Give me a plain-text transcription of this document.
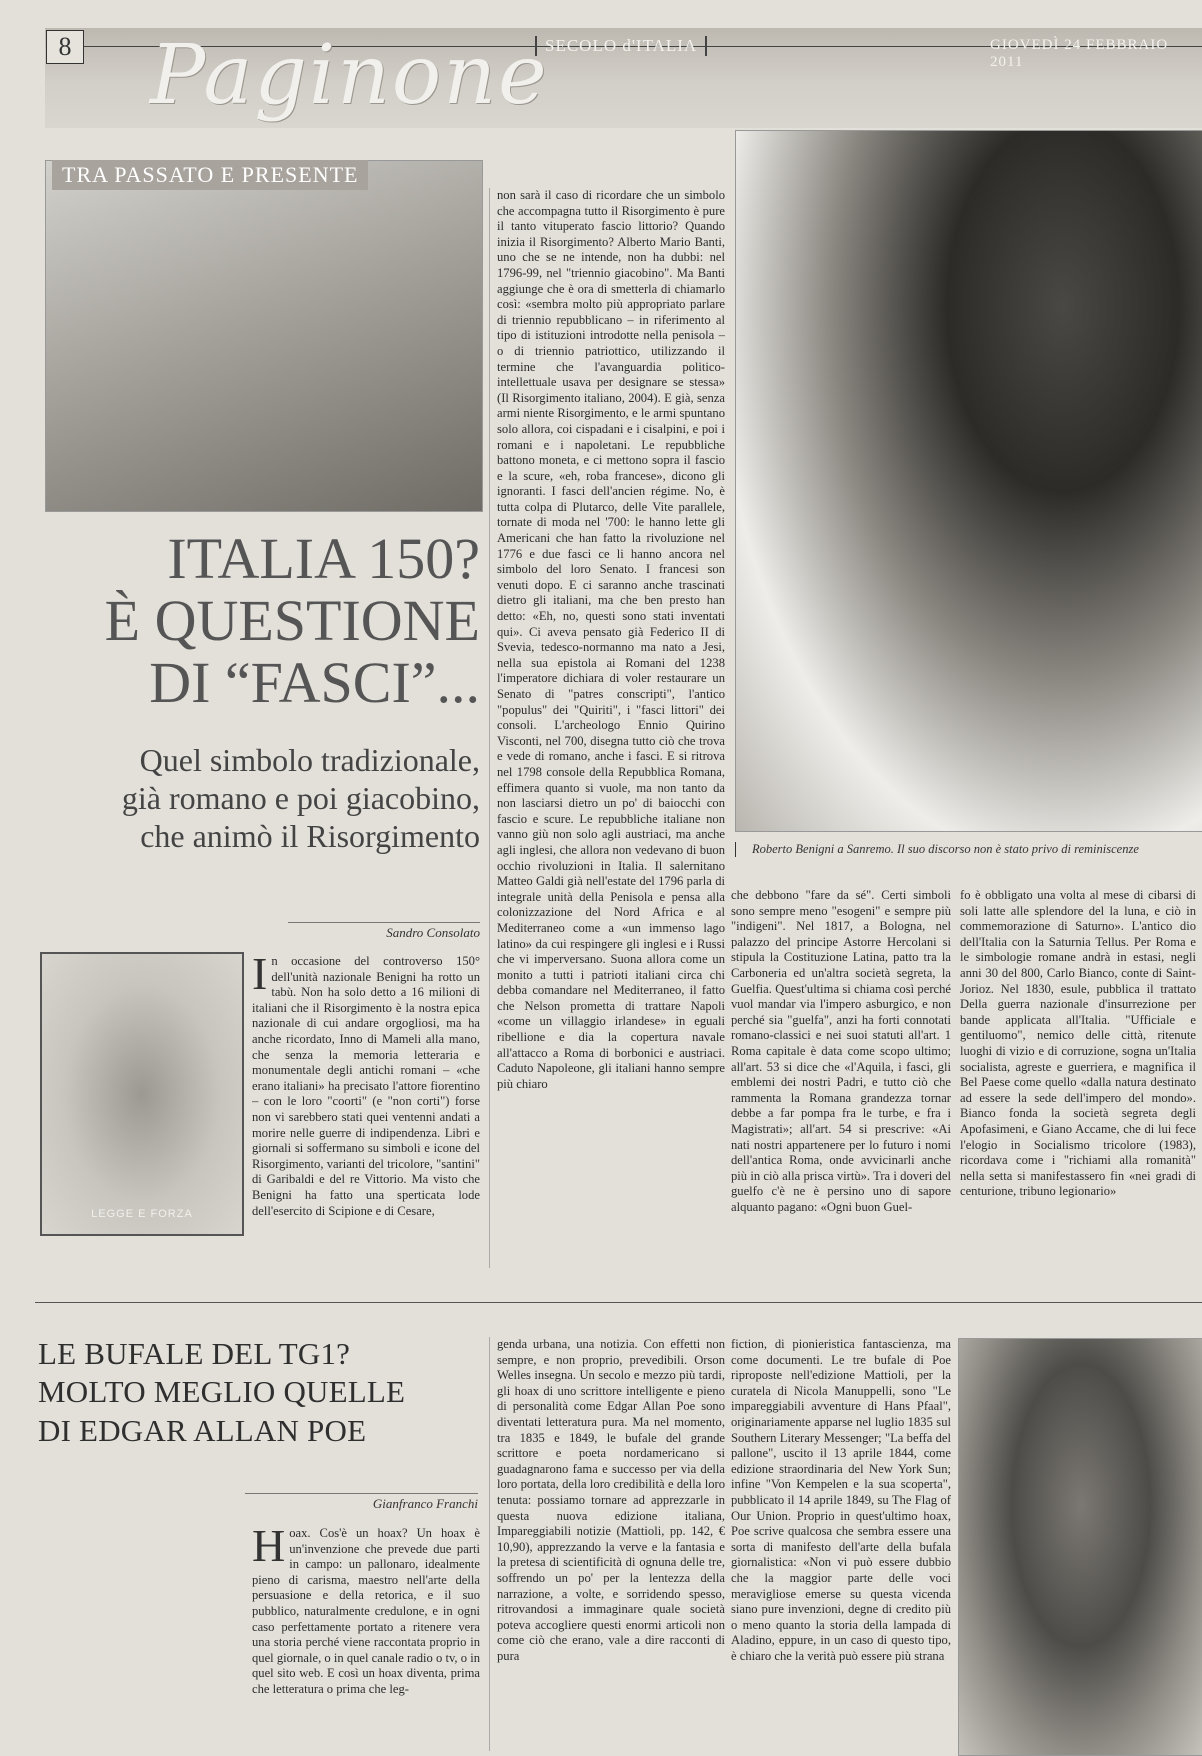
8 Paginone
SECOLO d'ITALIA	GIOVEDÌ 24 FEBBRAIO 2011
TRA PASSATO E PRESENTE
ITALIA 150?
È QUESTIONE
DI “FASCI”...
Quel simbolo tradizionale,
già romano e poi giacobino,
che animò il Risorgimento
Sandro Consolato
LEGGE E FORZA
In occasione del controverso 150° dell'unità nazionale Benigni ha rotto un tabù. Non ha solo detto a 16 milioni di italiani che il Risorgimento è la nostra epica nazionale di cui andare orgogliosi, ma ha anche ricordato, Inno di Mameli alla mano, che senza la memoria letteraria e monumentale degli antichi romani – «che erano italiani» ha precisato l'attore fiorentino – con le loro "coorti" (e "non corti") forse non vi sarebbero stati quei ventenni andati a morire nelle guerre di indipendenza. Libri e giornali si soffermano su simboli e icone del Risorgimento, varianti del tricolore, "santini" di Garibaldi e del re Vittorio. Ma visto che Benigni ha fatto una sperticata lode dell'esercito di Scipione e di Cesare,
non sarà il caso di ricordare che un simbolo che accompagna tutto il Risorgimento è pure il tanto vituperato fascio littorio? Quando inizia il Risorgimento? Alberto Mario Banti, uno che se ne intende, non ha dubbi: nel 1796-99, nel "triennio giacobino". Ma Banti aggiunge che è ora di smetterla di chiamarlo così: «sembra molto più appropriato parlare di triennio repubblicano – in riferimento al tipo di istituzioni introdotte nella penisola – o di triennio patriottico, utilizzando il termine che l'avanguardia politico-intellettuale usava per designare se stessa» (Il Risorgimento italiano, 2004). E già, senza armi niente Risorgimento, e le armi spuntano solo allora, coi cispadani e i cisalpini, e poi i romani e i napoletani. Le repubbliche battono moneta, e ci mettono sopra il fascio e la scure, «eh, roba francese», dicono gli ignoranti. I fasci dell'ancien régime. No, è tutta colpa di Plutarco, delle Vite parallele, tornate di moda nel '700: le hanno lette gli Americani che han fatto la rivoluzione nel 1776 e due fasci ce li hanno ancora nel simbolo del loro Senato. I francesi son venuti dopo. E ci saranno anche trascinati dietro gli italiani, ma che ben presto han detto: «Eh, no, questi sono stati inventati qui». Ci aveva pensato già Federico II di Svevia, tedesco-normanno ma nato a Jesi, nella sua epistola ai Romani del 1238 l'imperatore dichiara di voler restaurare un Senato di "patres conscripti", l'antico "populus" dei "Quiriti", i "fasci littori" dei consoli. L'archeologo Ennio Quirino Visconti, nel 700, disegna tutto ciò che trova e vede di romano, anche i fasci. E si ritrova nel 1798 console della Repubblica Romana, effimera quanto si vuole, ma non tanto da non lasciarsi dietro un po' di baiocchi con fascio e scure. Le repubbliche italiane non vanno giù non solo agli austriaci, ma anche agli inglesi, che allora non vedevano di buon occhio rivoluzioni in Italia. Il salernitano Matteo Galdi già nell'estate del 1796 parla di integrale unità della Penisola e pensa alla colonizzazione del Nord Africa e al Mediterraneo come a «un immenso lago latino» da cui respingere gli inglesi e i Russi che vi imperversano. Suona allora come un monito a tutti i patrioti italiani circa chi debba comandare nel Mediterraneo, il fatto che Nelson prometta di trattare Napoli «come un villaggio irlandese» in eguali ribellione e dia la copertura navale all'attacco a Roma di borbonici e austriaci. Caduto Napoleone, gli italiani hanno sempre più chiaro
Roberto Benigni a Sanremo. Il suo discorso non è stato privo di reminiscenze
che debbono "fare da sé". Certi simboli sono sempre meno "esogeni" e sempre più "indigeni". Nel 1817, a Bologna, nel palazzo del principe Astorre Hercolani si stipula la Costituzione Latina, patto tra la Carboneria ed un'altra società segreta, la Guelfia. Quest'ultima si chiama così perché vuol mandar via l'impero asburgico, e non perché sia "guelfa", anzi ha forti connotati romano-classici e nei suoi statuti all'art. 1 Roma capitale è data come scopo ultimo; all'art. 53 si dice che «l'Aquila, i fasci, gli emblemi dei nostri Padri, e tutto ciò che rammenta la Romana grandezza tornar debbe a far pompa fra le turbe, e fra i Magistrati»; all'art. 54 si prescrive: «Ai nati nostri appartenere per lo futuro i nomi dell'antica Roma, onde avvicinarli anche più in ciò alla prisca virtù». Tra i doveri del guelfo c'è ne è persino uno di sapore alquanto pagano: «Ogni buon Guel-
fo è obbligato una volta al mese di cibarsi di soli latte alle splendore del la luna, e ciò in commemorazione di Saturno». L'antico dio dell'Italia con la Saturnia Tellus. Per Roma e le simbologie romane andrà in estasi, negli anni 30 del 800, Carlo Bianco, conte di Saint-Jorioz. Nel 1830, esule, pubblica il trattato Della guerra nazionale d'insurrezione per bande applicata all'Italia. "Ufficiale e gentiluomo", nemico delle città, ritenute luoghi di vizio e di corruzione, sogna un'Italia socialista, agreste e guerriera, e magnifica il Bel Paese come quello «dalla natura destinato ad essere la sede dell'impero del mondo». Bianco fonda la società segreta degli Apofasimeni, e Giano Accame, che di lui fece l'elogio in Socialismo tricolore (1983), ricordava come i "richiami alla romanità" nella setta si manifestassero fin «nei gradi di centurione, tribuno legionario»
LE BUFALE DEL TG1?
MOLTO MEGLIO QUELLE
DI EDGAR ALLAN POE
Gianfranco Franchi
Hoax. Cos'è un hoax? Un hoax è un'invenzione che prevede due parti in campo: un pallonaro, idealmente pieno di carisma, maestro nell'arte della persuasione e della retorica, e il suo pubblico, naturalmente credulone, e in ogni caso perfettamente portato a ritenere vera una storia perché viene raccontata proprio in quel giornale, o in quel canale radio o tv, o in quel sito web. E così un hoax diventa, prima che letteratura o prima che leg-
genda urbana, una notizia. Con effetti non sempre, e non proprio, prevedibili. Orson Welles insegna. Un secolo e mezzo più tardi, gli hoax di uno scrittore intelligente e pieno di personalità come Edgar Allan Poe sono diventati letteratura pura. Ma nel momento, tra 1835 e 1849, le bufale del grande scrittore e poeta nordamericano si guadagnarono fama e successo per via della loro portata, della loro credibilità e della loro tenuta: possiamo tornare ad apprezzarle in questa nuova edizione italiana, Impareggiabili notizie (Mattioli, pp. 142, € 10,90), apprezzando la verve e la fantasia e la pretesa di scientificità di ognuna delle tre, soffrendo un po' per la lentezza della narrazione, a volte, e sorridendo spesso, ritrovandosi a immaginare quale società poteva accogliere questi enormi articoli non come ciò che erano, vale a dire racconti di pura
fiction, di pionieristica fantascienza, ma come documenti. Le tre bufale di Poe riproposte nell'edizione Mattioli, per la curatela di Nicola Manuppelli, sono "Le impareggiabili avventure di Hans Pfaal", originariamente apparse nel luglio 1835 sul Southern Literary Messenger; "La beffa del pallone", uscito il 13 aprile 1844, come edizione straordinaria del New York Sun; infine "Von Kempelen e la sua scoperta", pubblicato il 14 aprile 1849, su The Flag of Our Union. Proprio in quest'ultimo hoax, Poe scrive qualcosa che sembra essere una sorta di manifesto dell'arte della bufala giornalistica: «Non vi può essere dubbio che la maggior parte delle voci meravigliose emerse su questa vicenda siano pure invenzioni, degne di credito più o meno quanto la storia della lampada di Aladino, eppure, in un caso di questo tipo, è chiaro che la verità può essere più strana
